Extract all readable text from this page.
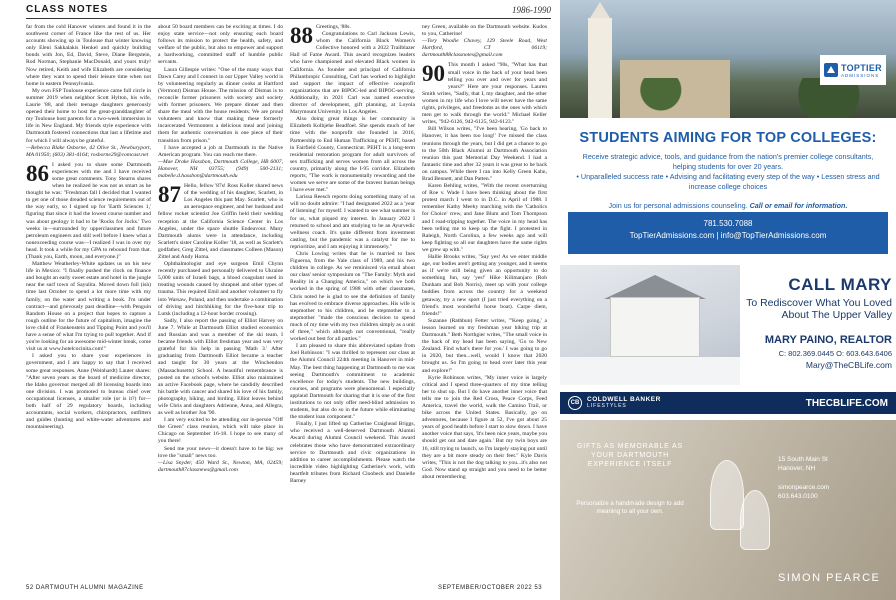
CLASS NOTES	1986-1990

far from the cold Hanover winters and found it in the southwest corner of France like the rest of us. Her accounts showing up in Toulouse that winter knowing only Eleni Sakkalakis Henkel and quickly building bonds with Jon, Ed, David, Steve, Diane Bergstein, Rod Norman, Stephanie MacDonald, and yours truly! Now retired, Keith and wife Elizabeth are considering where they want to spend their leisure time when not home in eastern Pennsylvania.

My own FSP Toulouse experience came full circle in summer 2019 when neighbor Scott Hylton, his wife, Laurie '88, and their teenage daughters generously opened their home to host the great-granddaughter of my Toulouse host parents for a two-week immersion in life in New England. My friends style experience with Dartmouth fostered connections that last a lifetime and for which I will always be grateful.

—Rebecca Blake Osborne, 42 Olive St., Newburyport, MA 01950; (603) 381-4164; rosborne29@comcast.net

86 I asked you to share some Dartmouth experiences with me and I have received some great comments. Tony Stearns shares when he realized he was not as smart as he thought he was: "Freshman fall I decided that I wanted to get one of those dreaded science requirements out of the way early, so I signed up for 'Earth Sciences 1,' figuring that since it had the lowest course number and was about geology it had to be 'Rocks for Jocks.' Two weeks in—surrounded by upperclassmen and future petroleum engineers and still well before I knew what a nonexceeding course was—I realized I was in over my head. It took a while for my GPA to rebound from that. (Thank you, Earth, moon, and everyone.)"

Matthew Weatherley-White updates us on his new life in Mexico: "I finally pushed the clock on finance and bought an early sweet estate and hotel in the jungle near the surf town of Sayulita. Moved down full (ish) time last October to spend a lot more time with my family, on the water and writing a book. I'm under contract—and grievously past deadline—with Penguin Random House on a project that hopes to capture a rough outline for the future of capitalism, imagine the love child of Frankenstein and Tipping Point and you'll have a sense of what I'm trying to pull together. And if you're looking for an awesome mid-winter break, come visit us at www.hotelcocinita.com!"

I asked you to share your experiences in government, and I am happy to say that I received some great responses. Anne (Weinhardt) Lauter shares: "After seven years as the board of medicine director, the Idaho governor merged all 48 licensing boards into one division. I was promoted to bureau chief over occupational licenses, a smaller role (or is it?) for—both half of 29 regulatory boards, including accountants, social workers, chiropractors, outfitters and guides (hunting and white-water adventures and mountaineering).

about 50 board members can be exciting at times. I do enjoy state service—not only ensuring each board follows its mission to protect the health, safety, and welfare of the public, but also to empower and support a hardworking, committed staff of humble public servants.

Laura Gillespie writes: "One of the many ways that Dawn Carey and I connect in our Upper Valley world is by volunteering regularly as dinner cooks at Hartford (Vermont) Dismas House. The mission of Dismas is to reconcile former prisoners with society and society with former prisoners. We prepare dinner and then share the meal with the house residents. We are proud volunteers and know that making these formerly incarcerated Vermonters a delicious meal and joining them for authentic conversation is one piece of their transition from prison."

I have accepted a job at Dartmouth in the Native American program. You can reach me there.

—Mae Drake Hassbon, Dartmouth College, HB 6007, Hanover, NH 03755; (949) 500-2131; mabelle.d.hassbon@dartmouth.edu

87 Hello, fellow '87s! Ross Koller shared news of the wedding of his daughter, Scarlett, in Los Angeles this past May. Scarlett, who is an aerospace engineer, and her husband and fellow rocket scientist Joe Griffin held their wedding reception at the California Science Center in Los Angeles, under the space shuttle Endeavour. Many Dartmouth alums were in attendance, including Scarlett's sister Caroline Koller '18, as well as Scarlett's godfather, Greg Zittel, and classmates Colleen (Mason) Zittel and Andy Homa.

Ophthalmologist and eye surgeon Emil Chynn recently purchased and personally delivered to Ukraine 5,000 units of Israeli bags, a blood coagulant used in treating wounds caused by shrapnel and other types of trauma. This required Emil and another volunteer to fly into Warsaw, Poland, and then undertake a combination of driving and hitchhiking for the five-hour trip to Lutsk (including a 12-hour border crossing).

Sadly, I also report the passing of Elliot Harvey on June 7. While at Dartmouth Elliot studied economics and Russian and was a member of the ski team. I became friends with Elliot freshman year and was very grateful for his help in passing 'Math 3.' After graduating from Dartmouth Elliot became a teacher and taught for 30 years at the Winchendon (Massachusetts) School. A beautiful remembrance is posted on the school's website. Elliot also maintained an active Facebook page, where he candidly described his battle with cancer and shared his love of his family, photography, hiking, and birding. Elliot leaves behind wife Chris and daughters Adrienne, Anna, and Allegra, as well as brother Jon '90.

I am very excited to be attending our in-person "Off the Green" class reunion, which will take place in Chicago on September 16-18. I hope to see many of you there!

Send me your news—it doesn't have to be big: we love the "small" news too.

—Lisa Snyder, 450 Ward St., Newton, MA, 02459; dartmouth87classnews@gmail.com

88 Greetings, '88s.

Congratulations to Carl Jackson Lewis, whom the California Black Women's Collective honored with a 2022 Trailblazer Hall of Fame Award. This award recognizes leaders who have championed and elevated Black women in California. As founder and principal of California Philanthropic Consulting, Carl has worked to highlight and support the impact of effective nonprofit organizations that are BIPOC-led and BIPOC-serving. Additionally, in 2021 Carl was named executive director of development, gift planning, at Loyola Marymount University in Los Angeles.

Also doing great things is her community is Elizabeth Kolbjehe Beadfoel. She spends much of her time with the nonprofit she founded in 2016, Partnership to End Human Trafficking or PEHT, based in Fairfield County, Connecticut. PEHT is a long-term residential restoration program for adult survivors of sex trafficking and serves women from all across the country, primarily along the I-95 corridor. Elizabeth reports, "The work is monumentally rewarding and the women we serve are some of the bravest human beings I have ever met."

Larissa Reesch reports doing something many of us will no doubt admire: "I had designated 2022 as a 'year of listening' for myself. I wanted to see what summer is for us, what piqued my interest. In January 2022 I returned to school and am studying to be an Ayurvedic wellness coach. It's quite different from investment casting, but the pandemic was a catalyst for me to reprioritize, and I am enjoying it immensely."

Chris Lowing writes that he is married to Ines Figueroa, from the Yale class of 1989, and his two children in college. As we reminisced via email about our class' senior symposium on "The Family: Myth and Reality in a Changing America," on which we both worked in the spring of 1988 with other classmates, Chris noted he is glad to see the definition of family has evolved to embrace diverse approaches. His wife is stepmother to his children, and he stepmother to a stepmother "made the conscious decision to spend much of my time with my two children simply as a unit of three," which although not conventional, "really worked out best for all parties."

I am pleased to share this abbreviated update from Joel Robinson: "I was thrilled to represent our class at the Alumni Council 224th meeting in Hanover in mid-May. The best thing happening at Dartmouth to me was seeing Dartmouth's commitment to academic excellence for today's students. The new buildings, courses, and programs were phenomenal. I especially applaud Dartmouth for sharing that it is one of the first institutions to not only offer need-blind admission to students, but also do so in the future while eliminating the student loan component."

Finally, I just lifted up Catherine Craighead Briggs, who received a well-deserved Dartmouth Alumni Award during Alumni Council weekend. This award celebrates those who have demonstrated extraordinary service to Dartmouth and civic organizations in addition to career accomplishments. Please watch the incredible video highlighting Catherine's work, with heartfelt tributes from Richard Cloobeck and Danielle Barney

ney Green, available on the Dartmouth website. Kudos to you, Catherine!

—Tory Woodie Chavey, 129 Steele Road, West Hartford, CT 06119; dartmouth88classnotes@gmail.com

90 This month I asked "90s, "What has that small voice in the back of your head been telling you over and over for years and years?" Here are your responses. Lauren Smith writes, "Sadly, that I, my daughter, and the other women in my life who I love will never have the same rights, privileges, and freedoms as the ones with which men get to walk through the world." Michael Keller writes, "942-6126, 942-6125, 942-6123."

Bill Wilson writes, "I've been hearing, 'Go back to Hanover, it has been too long!' I've missed the class reunions through the years, but I did get a chance to go to the 50th Black Alumni at Dartmouth Association reunion this past Memorial Day Weekend. I had a fantastic time and after 32 years it was great to be back on campus. While there I ran into Kelly Green Kahn, Brad Bennett, and Dan Patten."

Karen Behling writes, "With the recent overturning of Roe v. Wade I have been thinking about the first protest march I went to in D.C. in April of 1988. I remember Kathy Meehy marching with the 'Catholics for Choice' crew, and Jane Blum and Tom Thompson and I road-tripping together. The voice in my head has been telling me to keep up the fight. I protested in Raleigh, North Carolina, a few weeks ago and will keep fighting so all our daughters have the same rights we grew up with."

Hallie Brooks writes, "Say yes! As we enter middle age, our bodies aren't getting any younger, and it seems as if we're still being given an opportunity to do something fun, say 'yes!' Hike Kilimanjaro (Rob Dunham and Bob Norris), meet up with your college buddies from across the country for a weekend getaway, try a new sport (I just tried everything on a friend's most wonderful horse boat). Carpe diem, friends!"

Suzanne (Rathbun) Fetter writes, "'Keep going,' a lesson learned on my freshman year hiking trip at Dartmouth." Beth Northgier writes, "The small voice in the back of my head has been saying, 'Go to New Zealand. Find what's there for you.' I was going to go in 2020, but then...well, would I know that 2020 brought us. So I'm going to head over later this year and explore!"

Kyrie Robinson writes, "My inner voice is largely critical and I spend three-quarters of my time telling her to shut up. But I do have another inner voice that tells me to join the Red Cross, Peace Corps, Feed America, travel the world, walk the Camino Trail, or bike across the United States. Basically, go on adventures, because I figure at 52, I've got about 25 years of good health before I start to slow down. I have another voice that says, 'It's been nice years, maybe you should get out and date again.' But my twin boys are 16, still trying to launch, so I'm largely staying put until they are a bit more steady on their feet." Kyle Davis writes, "This is not the dog talking to you...it's also not God. Now stand up straight and you need to be better about remembering

52 DARTMOUTH ALUMNI MAGAZINE	SEPTEMBER/OCTOBER 2022 53
TOPTIER
ADMISSIONS
STUDENTS AIMING FOR TOP COLLEGES:
Receive strategic advice, tools, and guidance from the nation's premier college consultants, helping students for over 20 years.
• Unparalleled success rate • Advising and facilitating every step of the way • Lessen stress and increase college choices
Join us for personal admissions counseling. Call or email for information.
781.530.7088
TopTierAdmissions.com | info@TopTierAdmissions.com
CALL MARY
To Rediscover What You Loved About The Upper Valley
MARY PAINO, REALTOR
C: 802.369.0445 O: 603.643.6406
Mary@TheCBLife.com
CB	COLDWELL BANKER
LIFESTYLES	THECBLIFE.COM
GIFTS AS MEMORABLE AS YOUR DARTMOUTH EXPERIENCE ITSELF
Personalize a handmade design to add meaning to all your own.
15 South Main St
Hanover, NH
simonpearce.com
603.643.0100
SIMON PEARCE
